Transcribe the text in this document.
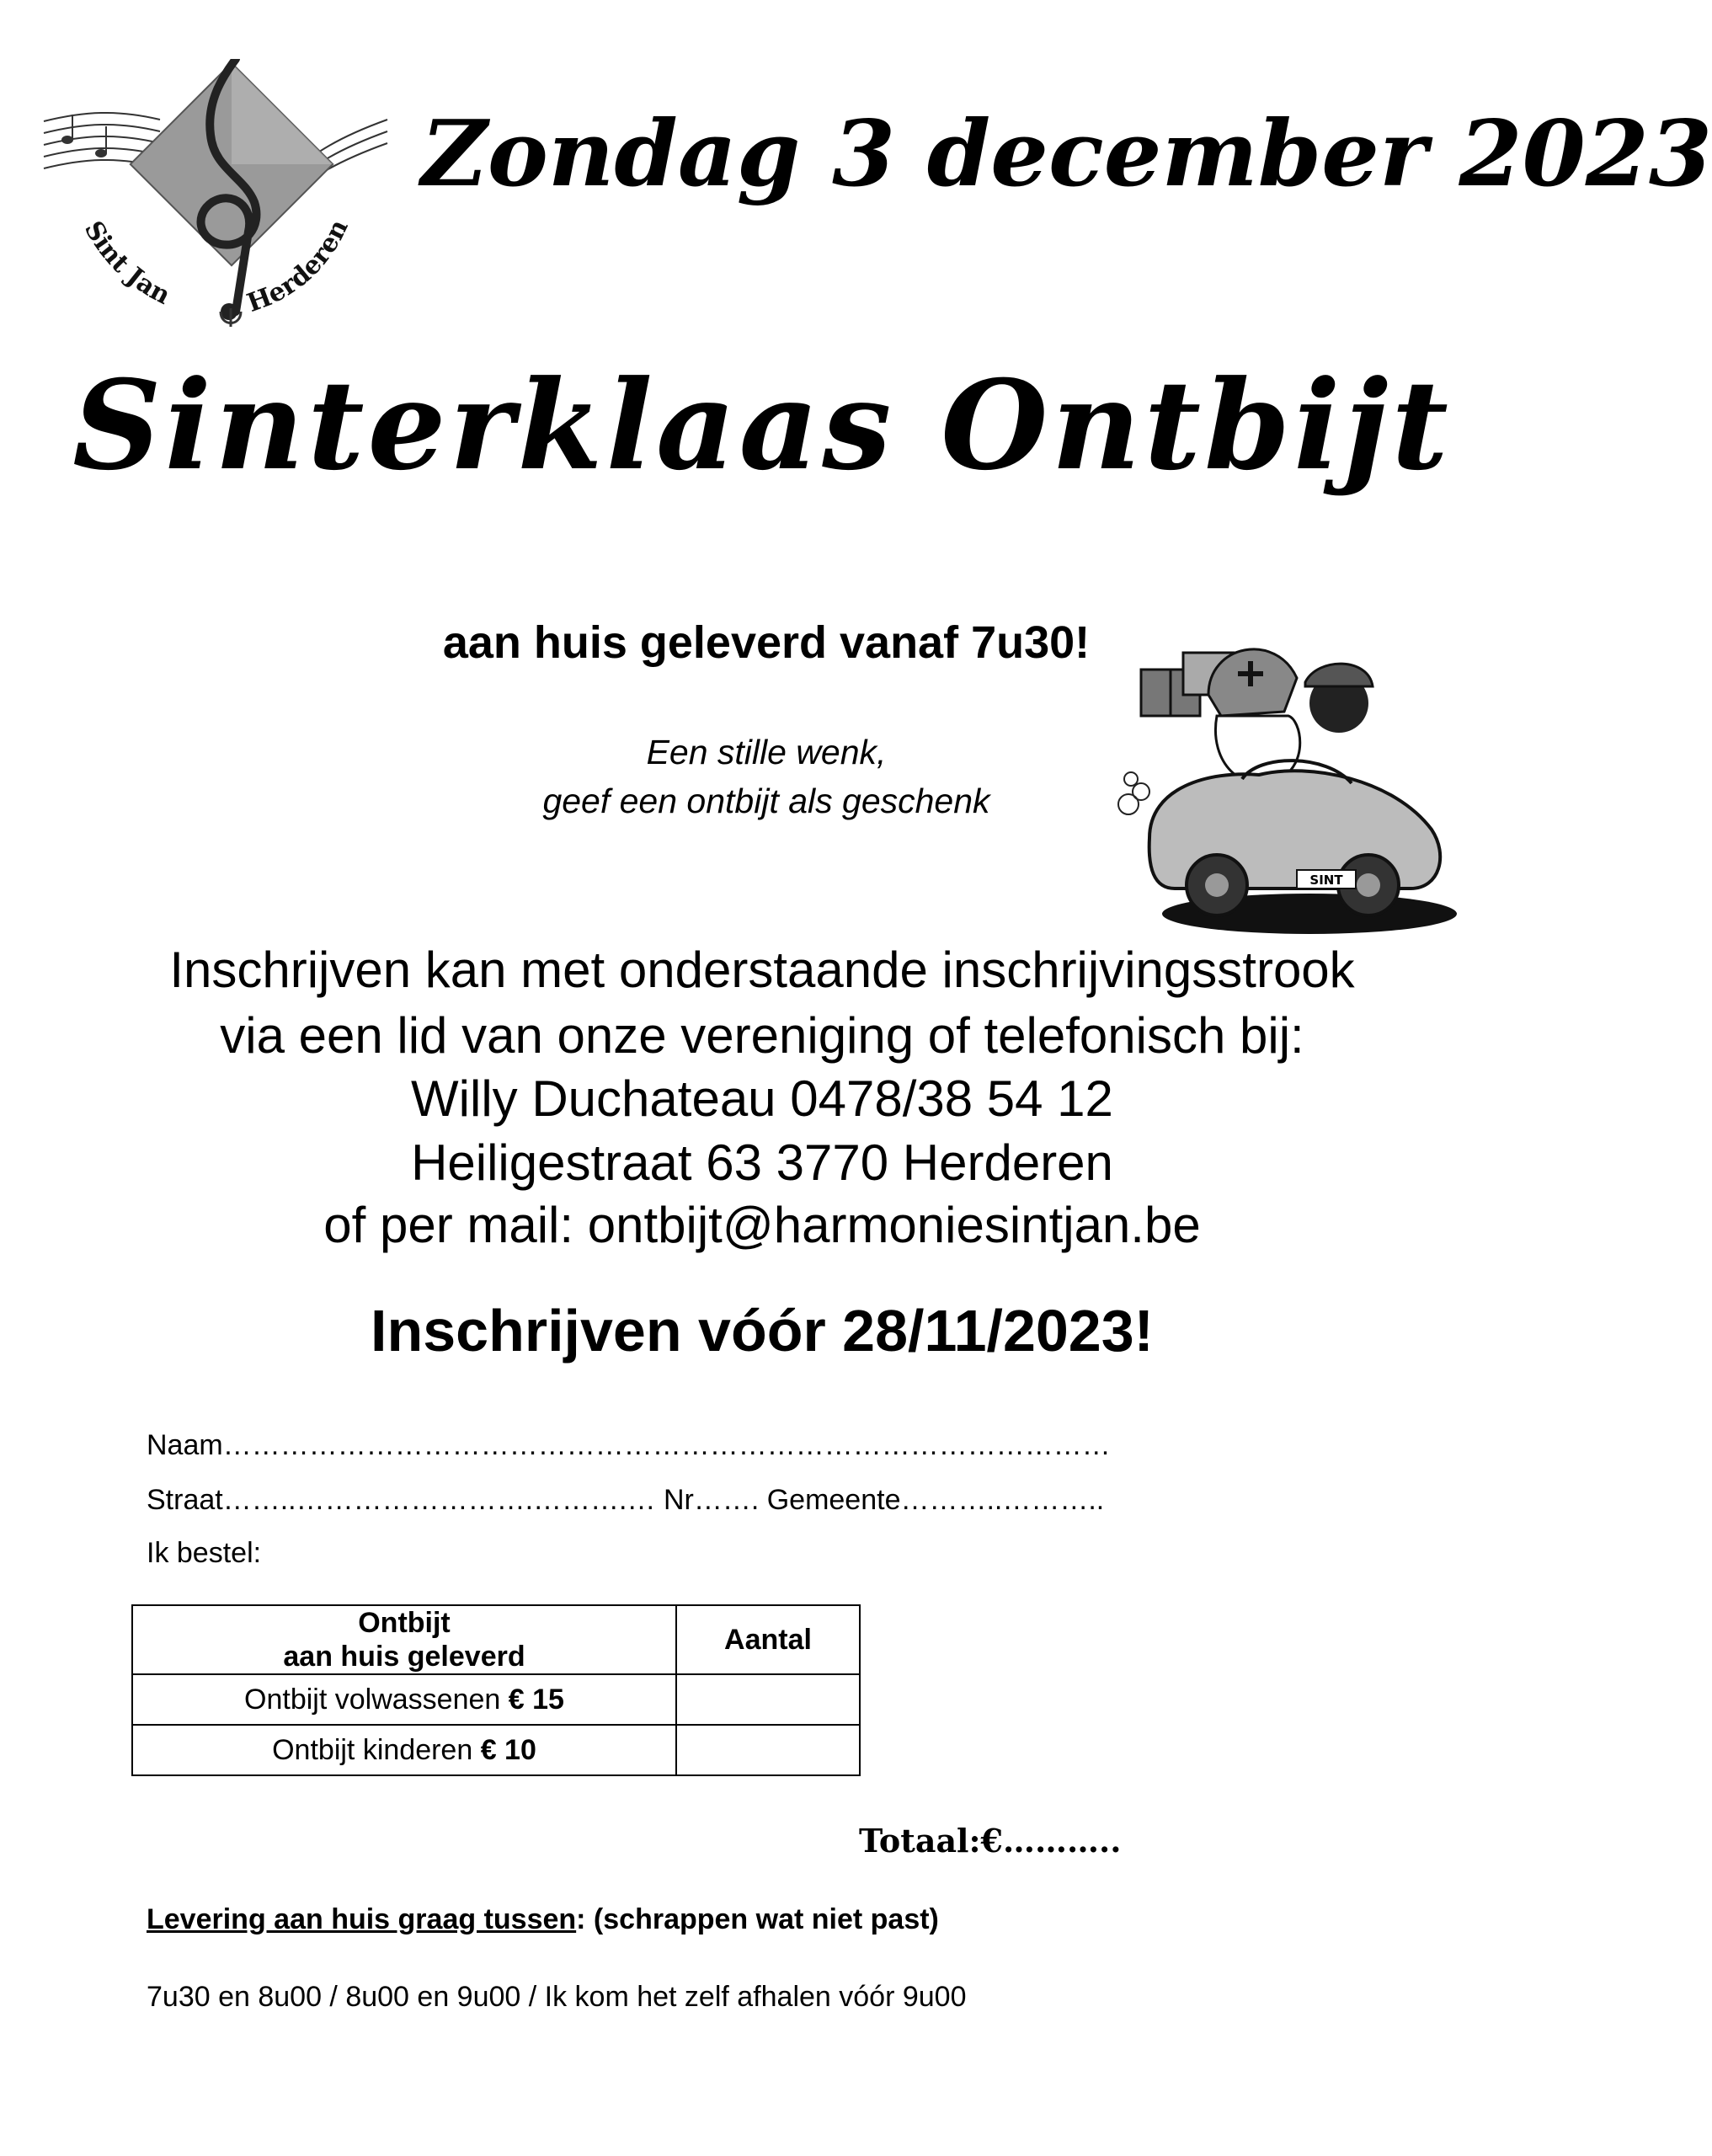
Sint Jan	Herderen
Zondag 3 december 2023
Sinterklaas Ontbijt
aan huis geleverd vanaf 7u30!
Een stille wenk,
geef een ontbijt als geschenk
SINT
Inschrijven kan met onderstaande inschrijvingsstrook
via een lid van onze vereniging of telefonisch bij:
Willy Duchateau 0478/38 54 12
Heiligestraat 63 3770 Herderen
of per mail: ontbijt@harmoniesintjan.be
Inschrijven vóór 28/11/2023!
Naam…………………………………………………………………………………
Straat……..…………………….……….… Nr……. Gemeente………..………..
Ik bestel:
Ontbijt
aan huis geleverd	Aantal
Ontbijt volwassenen € 15	
Ontbijt kinderen € 10	
Totaal:€………..
Levering aan huis graag tussen: (schrappen wat niet past)
7u30 en 8u00 / 8u00 en 9u00 / Ik kom het zelf afhalen vóór 9u00
